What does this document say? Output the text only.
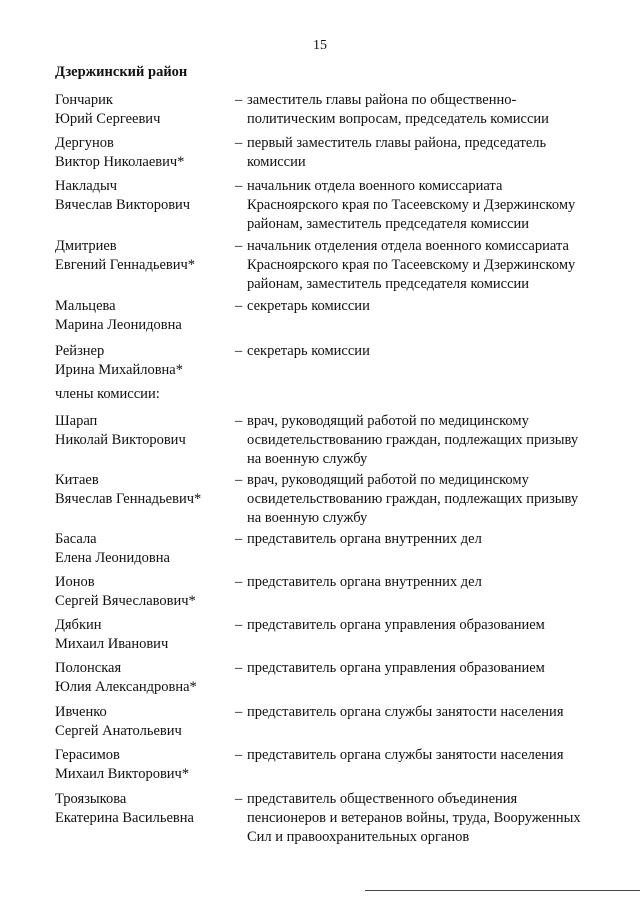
15
Дзержинский район
Гончарик
Юрий Сергеевич
– заместитель главы района по общественно-
политическим вопросам, председатель комиссии
Дергунов
Виктор Николаевич*
– первый заместитель главы района, председатель
комиссии
Накладыч
Вячеслав Викторович
– начальник отдела военного комиссариата
Красноярского края по Тасеевскому и Дзержинскому
районам, заместитель председателя комиссии
Дмитриев
Евгений Геннадьевич*
– начальник отделения отдела военного комиссариата
Красноярского края по Тасеевскому и Дзержинскому
районам, заместитель председателя комиссии
Мальцева
Марина Леонидовна
– секретарь комиссии
Рейзнер
Ирина Михайловна*
– секретарь комиссии
члены комиссии:
Шарап
Николай Викторович
– врач, руководящий работой по медицинскому
освидетельствованию граждан, подлежащих призыву
на военную службу
Китаев
Вячеслав Геннадьевич*
– врач, руководящий работой по медицинскому
освидетельствованию граждан, подлежащих призыву
на военную службу
Басала
Елена Леонидовна
– представитель органа внутренних дел
Ионов
Сергей Вячеславович*
– представитель органа внутренних дел
Дябкин
Михаил Иванович
– представитель органа управления образованием
Полонская
Юлия Александровна*
– представитель органа управления образованием
Ивченко
Сергей Анатольевич
– представитель органа службы занятости населения
Герасимов
Михаил Викторович*
– представитель органа службы занятости населения
Троязыкова
Екатерина Васильевна
– представитель общественного объединения
пенсионеров и ветеранов войны, труда, Вооруженных
Сил и правоохранительных органов
